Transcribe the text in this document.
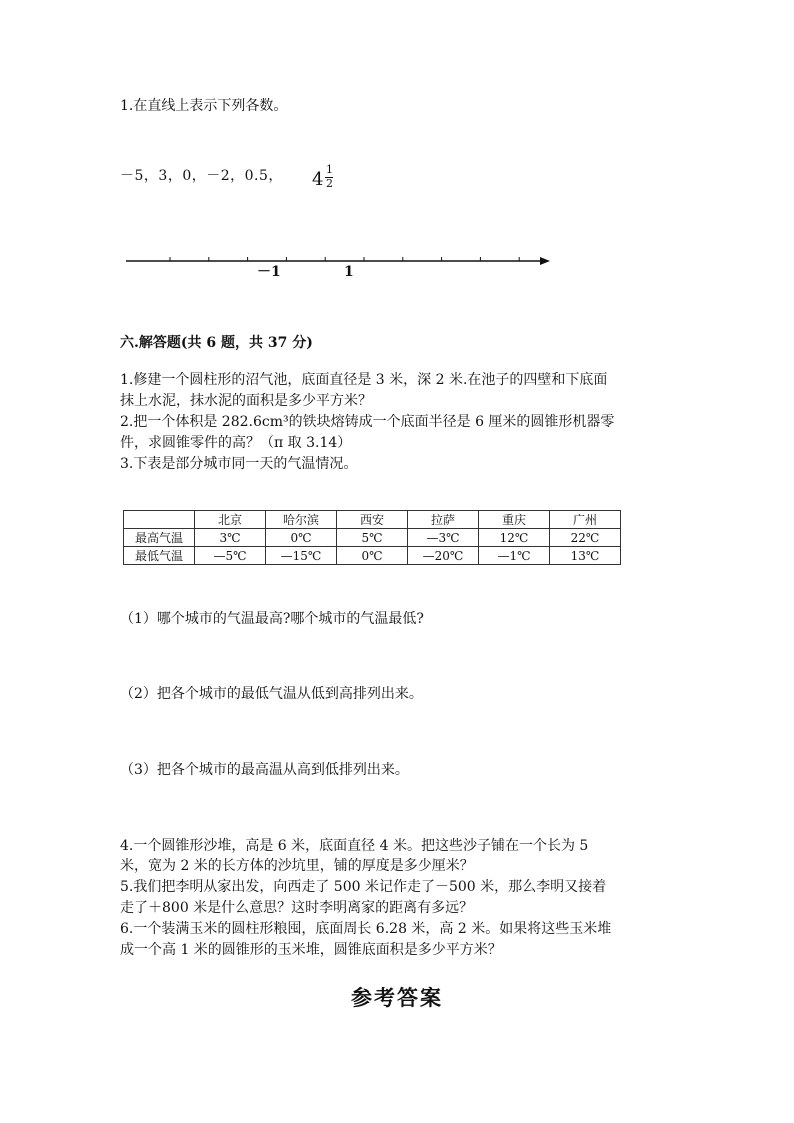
1.在直线上表示下列各数。
－5，3，0，－2，0.5， 4 1
2
－1	1
六.解答题(共 6 题，共 37 分)
1.修建一个圆柱形的沼气池，底面直径是 3 米，深 2 米.在池子的四壁和下底面
抹上水泥，抹水泥的面积是多少平方米？
2.把一个体积是 282.6cm³的铁块熔铸成一个底面半径是 6 厘米的圆锥形机器零
件，求圆锥零件的高？（π 取 3.14）
3.下表是部分城市同一天的气温情况。
	北京	哈尔滨	西安	拉萨	重庆	广州
最高气温	3℃	0℃	5℃	—3℃	12℃	22℃
最低气温	—5℃	—15℃	0℃	—20℃	—1℃	13℃
（1）哪个城市的气温最高?哪个城市的气温最低?
（2）把各个城市的最低气温从低到高排列出来。
（3）把各个城市的最高温从高到低排列出来。
4.一个圆锥形沙堆，高是 6 米，底面直径 4 米。把这些沙子铺在一个长为 5
米，宽为 2 米的长方体的沙坑里，铺的厚度是多少厘米？
5.我们把李明从家出发，向西走了 500 米记作走了－500 米，那么李明又接着
走了＋800 米是什么意思？这时李明离家的距离有多远？
6.一个装满玉米的圆柱形粮囤，底面周长 6.28 米，高 2 米。如果将这些玉米堆
成一个高 1 米的圆锥形的玉米堆，圆锥底面积是多少平方米？
参考答案
